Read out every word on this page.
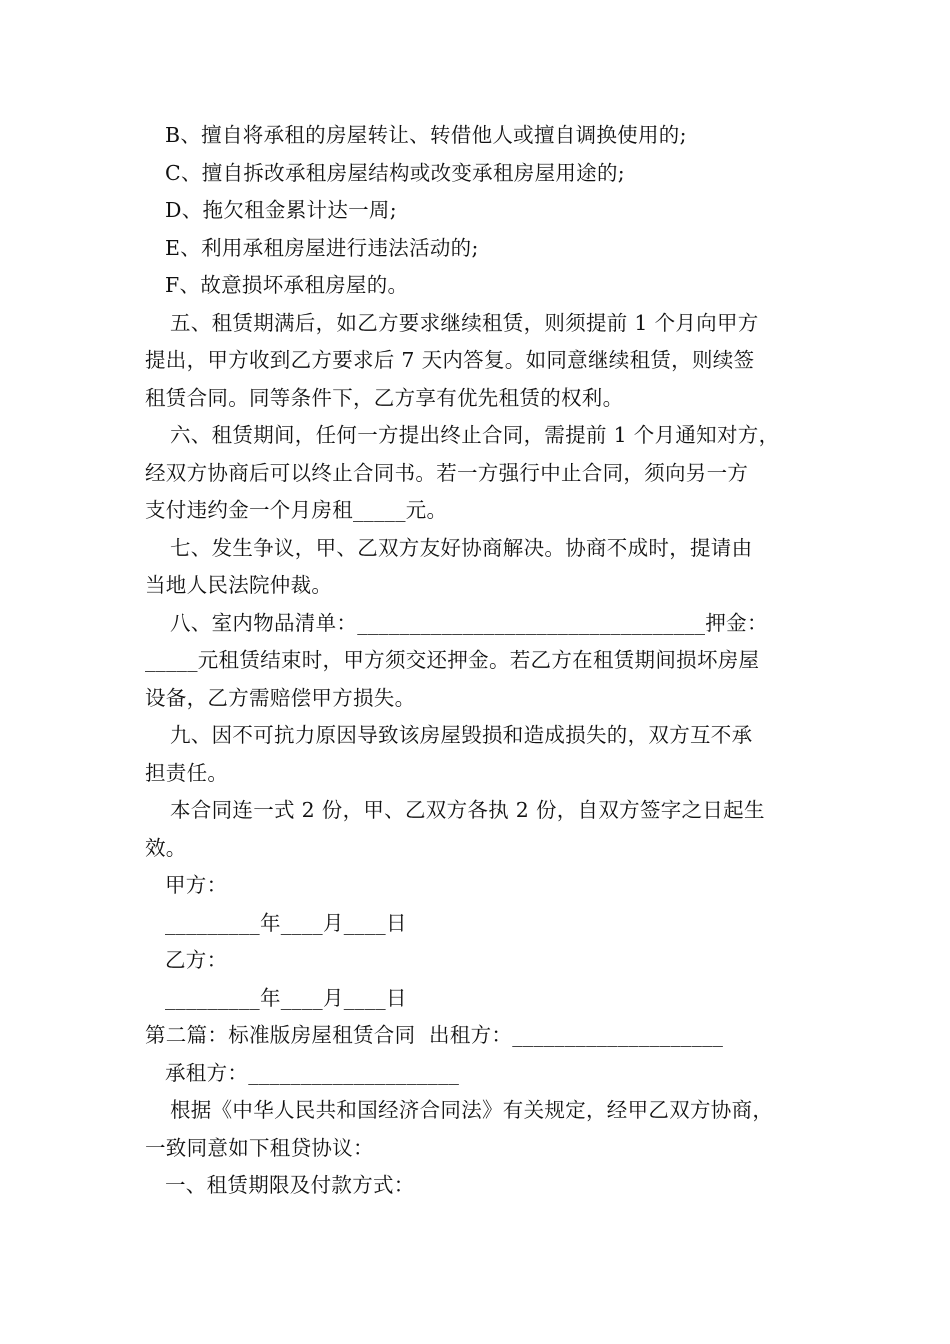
B、擅自将承租的房屋转让、转借他人或擅自调换使用的;
C、擅自拆改承租房屋结构或改变承租房屋用途的;
D、拖欠租金累计达一周;
E、利用承租房屋进行违法活动的;
F、故意损坏承租房屋的。
五、租赁期满后，如乙方要求继续租赁，则须提前 1 个月向甲方
提出，甲方收到乙方要求后 7 天内答复。如同意继续租赁，则续签
租赁合同。同等条件下，乙方享有优先租赁的权利。
六、租赁期间，任何一方提出终止合同，需提前 1 个月通知对方，
经双方协商后可以终止合同书。若一方强行中止合同，须向另一方
支付违约金一个月房租_____元。
七、发生争议，甲、乙双方友好协商解决。协商不成时，提请由
当地人民法院仲裁。
八、室内物品清单：_________________________________押金：
_____元租赁结束时，甲方须交还押金。若乙方在租赁期间损坏房屋
设备，乙方需赔偿甲方损失。
九、因不可抗力原因导致该房屋毁损和造成损失的，双方互不承
担责任。
本合同连一式 2 份，甲、乙双方各执 2 份，自双方签字之日起生
效。
甲方：
_________年____月____日
乙方：
_________年____月____日
第二篇：标准版房屋租赁合同  出租方：____________________
承租方：____________________
根据《中华人民共和国经济合同法》有关规定，经甲乙双方协商，
一致同意如下租贷协议：
一、租赁期限及付款方式：
